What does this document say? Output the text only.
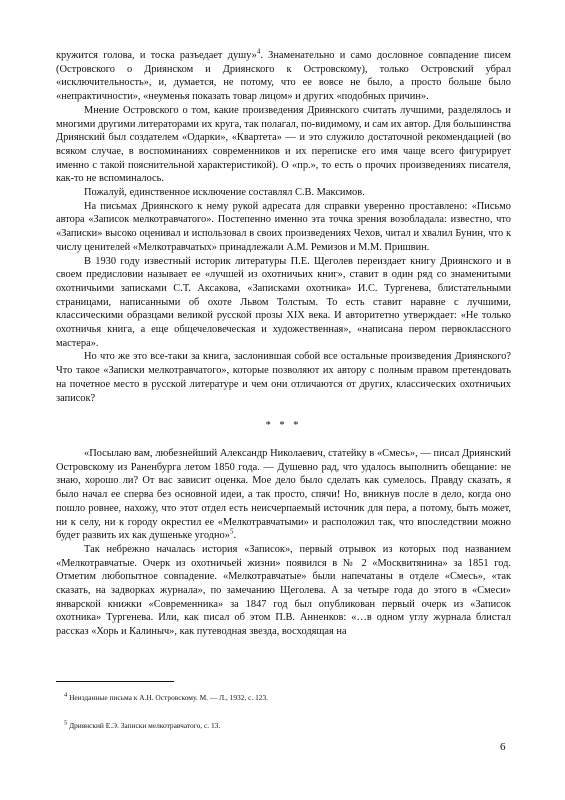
кружится голова, и тоска разъедает душу»$^4$. Знаменательно и само дословное совпадение писем (Островского о Дриянском и Дриянского к Островскому), только Островский убрал «исключительность», и, думается, не потому, что ее вовсе не было, а просто больше было «непрактичности», «неуменья показать товар лицом» и других «подобных причин».

Мнение Островского о том, какие произведения Дриянского считать лучшими, разделялось и многими другими литераторами их круга, так полагал, по-видимому, и сам их автор. Для большинства Дриянский был создателем «Одарки», «Квартета» — и это служило достаточной рекомендацией (во всяком случае, в воспоминаниях современников и их переписке его имя чаще всего фигурирует именно с такой пояснительной характеристикой). О «пр.», то есть о прочих произведениях писателя, как-то не вспоминалось.

Пожалуй, единственное исключение составлял С.В. Максимов.

На письмах Дриянского к нему рукой адресата для справки уверенно проставлено: «Письмо автора «Записок мелкотравчатого». Постепенно именно эта точка зрения возобладала: известно, что «Записки» высоко оценивал и использовал в своих произведениях Чехов, читал и хвалил Бунин, что к числу ценителей «Мелкотравчатых» принадлежали А.М. Ремизов и М.М. Пришвин.

В 1930 году известный историк литературы П.Е. Щеголев переиздает книгу Дриянского и в своем предисловии называет ее «лучшей из охотничьих книг», ставит в один ряд со знаменитыми охотничьими записками С.Т. Аксакова, «Записками охотника» И.С. Тургенева, блистательными страницами, написанными об охоте Львом Толстым. То есть ставит наравне с лучшими, классическими образцами великой русской прозы XIX века. И авторитетно утверждает: «Не только охотничья книга, а еще общечеловеческая и художественная», «написана пером первоклассного мастера».

Но что же это все-таки за книга, заслонившая собой все остальные произведения Дриянского? Что такое «Записки мелкотравчатого», которые позволяют их автору с полным правом претендовать на почетное место в русской литературе и чем они отличаются от других, классических охотничьих записок?

* * *

«Посылаю вам, любезнейший Александр Николаевич, статейку в «Смесь», — писал Дриянский Островскому из Раненбурга летом 1850 года. — Душевно рад, что удалось выполнить обещание: не знаю, хорошо ли? От вас зависит оценка. Мое дело было сделать как сумелось. Правду сказать, я было начал ее сперва без основной идеи, а так просто, спячи! Но, вникнув после в дело, когда оно пошло ровнее, нахожу, что этот отдел есть неисчерпаемый источник для пера, а потому, быть может, ни к селу, ни к городу окрестил ее «Мелкотравчатыми» и расположил так, что впоследствии можно будет развить их как душеньке угодно»$^5$.

Так небрежно началась история «Записок», первый отрывок из которых под названием «Мелкотравчатые. Очерк из охотничьей жизни» появился в № 2 «Москвитянина» за 1851 год. Отметим любопытное совпадение. «Мелкотравчатые» были напечатаны в отделе «Смесь», «так сказать, на задворках журнала», по замечанию Щеголева. А за четыре года до этого в «Смеси» январской книжки «Современника» за 1847 год был опубликован первый очерк из «Записок охотника» Тургенева. Или, как писал об этом П.В. Анненков: «…в одном углу журнала блистал рассказ «Хорь и Калиныч», как путеводная звезда, восходящая на

$^4$ Неизданные письма к А.Н. Островскому. М. — Л., 1932, с. 123.

$^5$ Дриянский Е.Э. Записки мелкотравчатого, с. 13.

6
